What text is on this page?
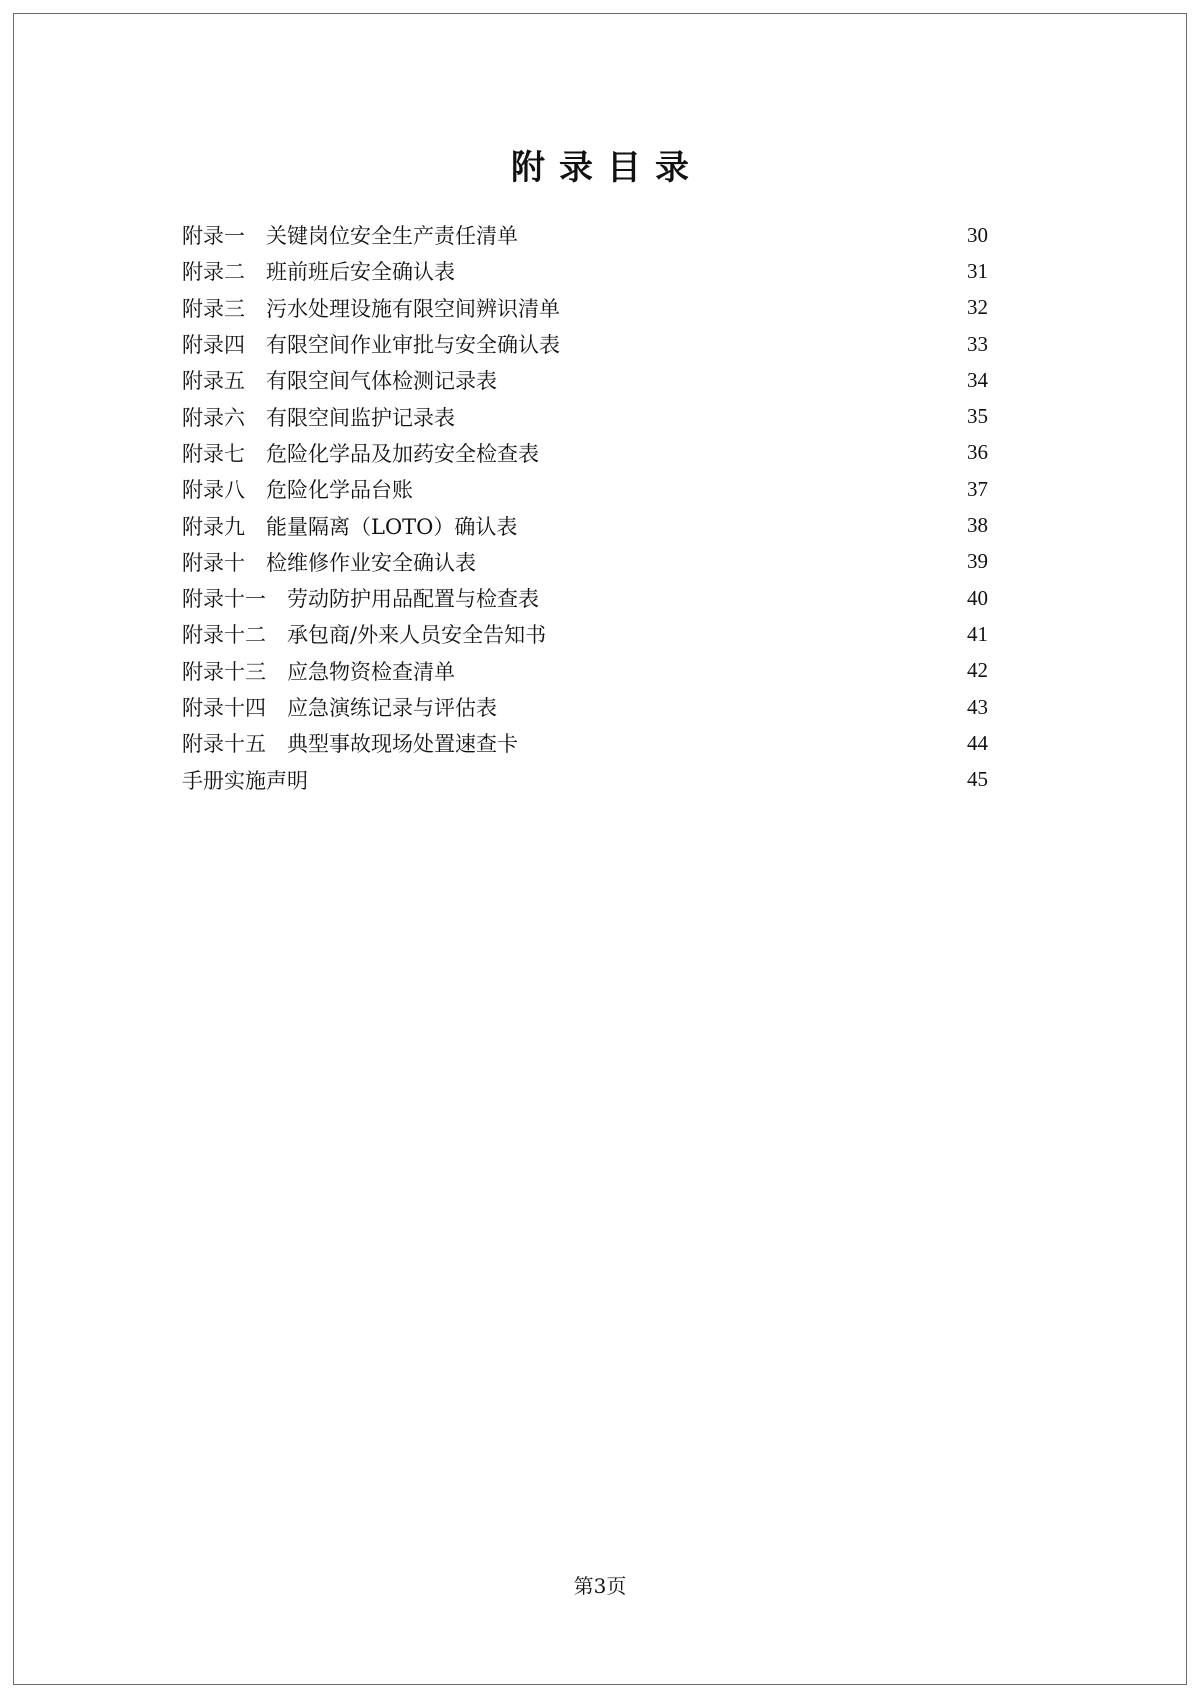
附录目录
附录一 关键岗位安全生产责任清单	30
附录二 班前班后安全确认表	31
附录三 污水处理设施有限空间辨识清单	32
附录四 有限空间作业审批与安全确认表	33
附录五 有限空间气体检测记录表	34
附录六 有限空间监护记录表	35
附录七 危险化学品及加药安全检查表	36
附录八 危险化学品台账	37
附录九 能量隔离（LOTO）确认表	38
附录十 检维修作业安全确认表	39
附录十一 劳动防护用品配置与检查表	40
附录十二 承包商/外来人员安全告知书	41
附录十三 应急物资检查清单	42
附录十四 应急演练记录与评估表	43
附录十五 典型事故现场处置速查卡	44
手册实施声明	45
第3页
